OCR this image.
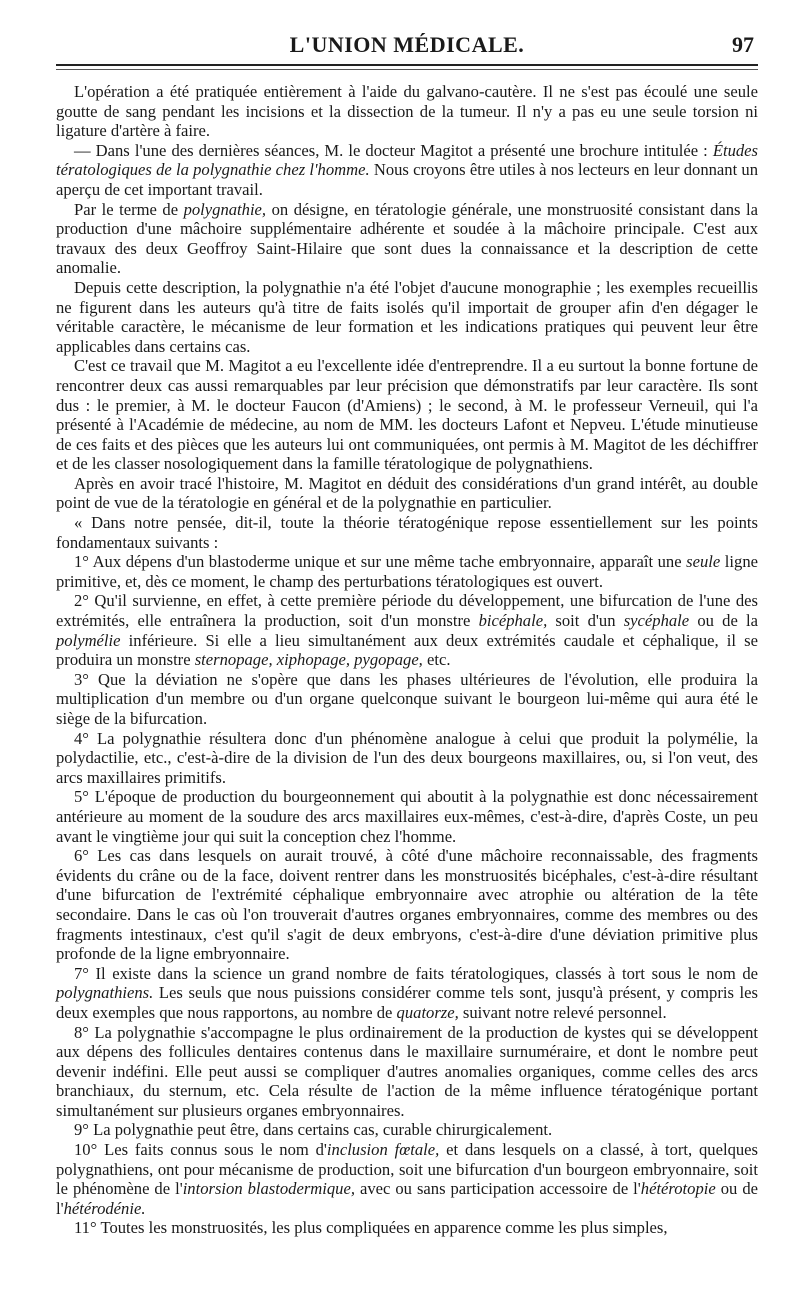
L'UNION MÉDICALE.	97

L'opération a été pratiquée entièrement à l'aide du galvano-cautère. Il ne s'est pas écoulé une seule goutte de sang pendant les incisions et la dissection de la tumeur. Il n'y a pas eu une seule torsion ni ligature d'artère à faire.

— Dans l'une des dernières séances, M. le docteur Magitot a présenté une brochure intitulée : Études tératologiques de la polygnathie chez l'homme. Nous croyons être utiles à nos lecteurs en leur donnant un aperçu de cet important travail.

Par le terme de polygnathie, on désigne, en tératologie générale, une monstruosité consistant dans la production d'une mâchoire supplémentaire adhérente et soudée à la mâchoire principale. C'est aux travaux des deux Geoffroy Saint-Hilaire que sont dues la connaissance et la description de cette anomalie.

Depuis cette description, la polygnathie n'a été l'objet d'aucune monographie ; les exemples recueillis ne figurent dans les auteurs qu'à titre de faits isolés qu'il importait de grouper afin d'en dégager le véritable caractère, le mécanisme de leur formation et les indications pratiques qui peuvent leur être applicables dans certains cas.

C'est ce travail que M. Magitot a eu l'excellente idée d'entreprendre. Il a eu surtout la bonne fortune de rencontrer deux cas aussi remarquables par leur précision que démonstratifs par leur caractère. Ils sont dus : le premier, à M. le docteur Faucon (d'Amiens) ; le second, à M. le professeur Verneuil, qui l'a présenté à l'Académie de médecine, au nom de MM. les docteurs Lafont et Nepveu. L'étude minutieuse de ces faits et des pièces que les auteurs lui ont communiquées, ont permis à M. Magitot de les déchiffrer et de les classer nosologiquement dans la famille tératologique de polygnathiens.

Après en avoir tracé l'histoire, M. Magitot en déduit des considérations d'un grand intérêt, au double point de vue de la tératologie en général et de la polygnathie en particulier.

« Dans notre pensée, dit-il, toute la théorie tératogénique repose essentiellement sur les points fondamentaux suivants :

1° Aux dépens d'un blastoderme unique et sur une même tache embryonnaire, apparaît une seule ligne primitive, et, dès ce moment, le champ des perturbations tératologiques est ouvert.

2° Qu'il survienne, en effet, à cette première période du développement, une bifurcation de l'une des extrémités, elle entraînera la production, soit d'un monstre bicéphale, soit d'un sycéphale ou de la polymélie inférieure. Si elle a lieu simultanément aux deux extrémités caudale et céphalique, il se produira un monstre sternopage, xiphopage, pygopage, etc.

3° Que la déviation ne s'opère que dans les phases ultérieures de l'évolution, elle produira la multiplication d'un membre ou d'un organe quelconque suivant le bourgeon lui-même qui aura été le siège de la bifurcation.

4° La polygnathie résultera donc d'un phénomène analogue à celui que produit la polymélie, la polydactilie, etc., c'est-à-dire de la division de l'un des deux bourgeons maxillaires, ou, si l'on veut, des arcs maxillaires primitifs.

5° L'époque de production du bourgeonnement qui aboutit à la polygnathie est donc nécessairement antérieure au moment de la soudure des arcs maxillaires eux-mêmes, c'est-à-dire, d'après Coste, un peu avant le vingtième jour qui suit la conception chez l'homme.

6° Les cas dans lesquels on aurait trouvé, à côté d'une mâchoire reconnaissable, des fragments évidents du crâne ou de la face, doivent rentrer dans les monstruosités bicéphales, c'est-à-dire résultant d'une bifurcation de l'extrémité céphalique embryonnaire avec atrophie ou altération de la tête secondaire. Dans le cas où l'on trouverait d'autres organes embryonnaires, comme des membres ou des fragments intestinaux, c'est qu'il s'agit de deux embryons, c'est-à-dire d'une déviation primitive plus profonde de la ligne embryonnaire.

7° Il existe dans la science un grand nombre de faits tératologiques, classés à tort sous le nom de polygnathiens. Les seuls que nous puissions considérer comme tels sont, jusqu'à présent, y compris les deux exemples que nous rapportons, au nombre de quatorze, suivant notre relevé personnel.

8° La polygnathie s'accompagne le plus ordinairement de la production de kystes qui se développent aux dépens des follicules dentaires contenus dans le maxillaire surnuméraire, et dont le nombre peut devenir indéfini. Elle peut aussi se compliquer d'autres anomalies organiques, comme celles des arcs branchiaux, du sternum, etc. Cela résulte de l'action de la même influence tératogénique portant simultanément sur plusieurs organes embryonnaires.

9° La polygnathie peut être, dans certains cas, curable chirurgicalement.

10° Les faits connus sous le nom d'inclusion fœtale, et dans lesquels on a classé, à tort, quelques polygnathiens, ont pour mécanisme de production, soit une bifurcation d'un bourgeon embryonnaire, soit le phénomène de l'intorsion blastodermique, avec ou sans participation accessoire de l'hétérotopie ou de l'hétérodénie.

11° Toutes les monstruosités, les plus compliquées en apparence comme les plus simples,
